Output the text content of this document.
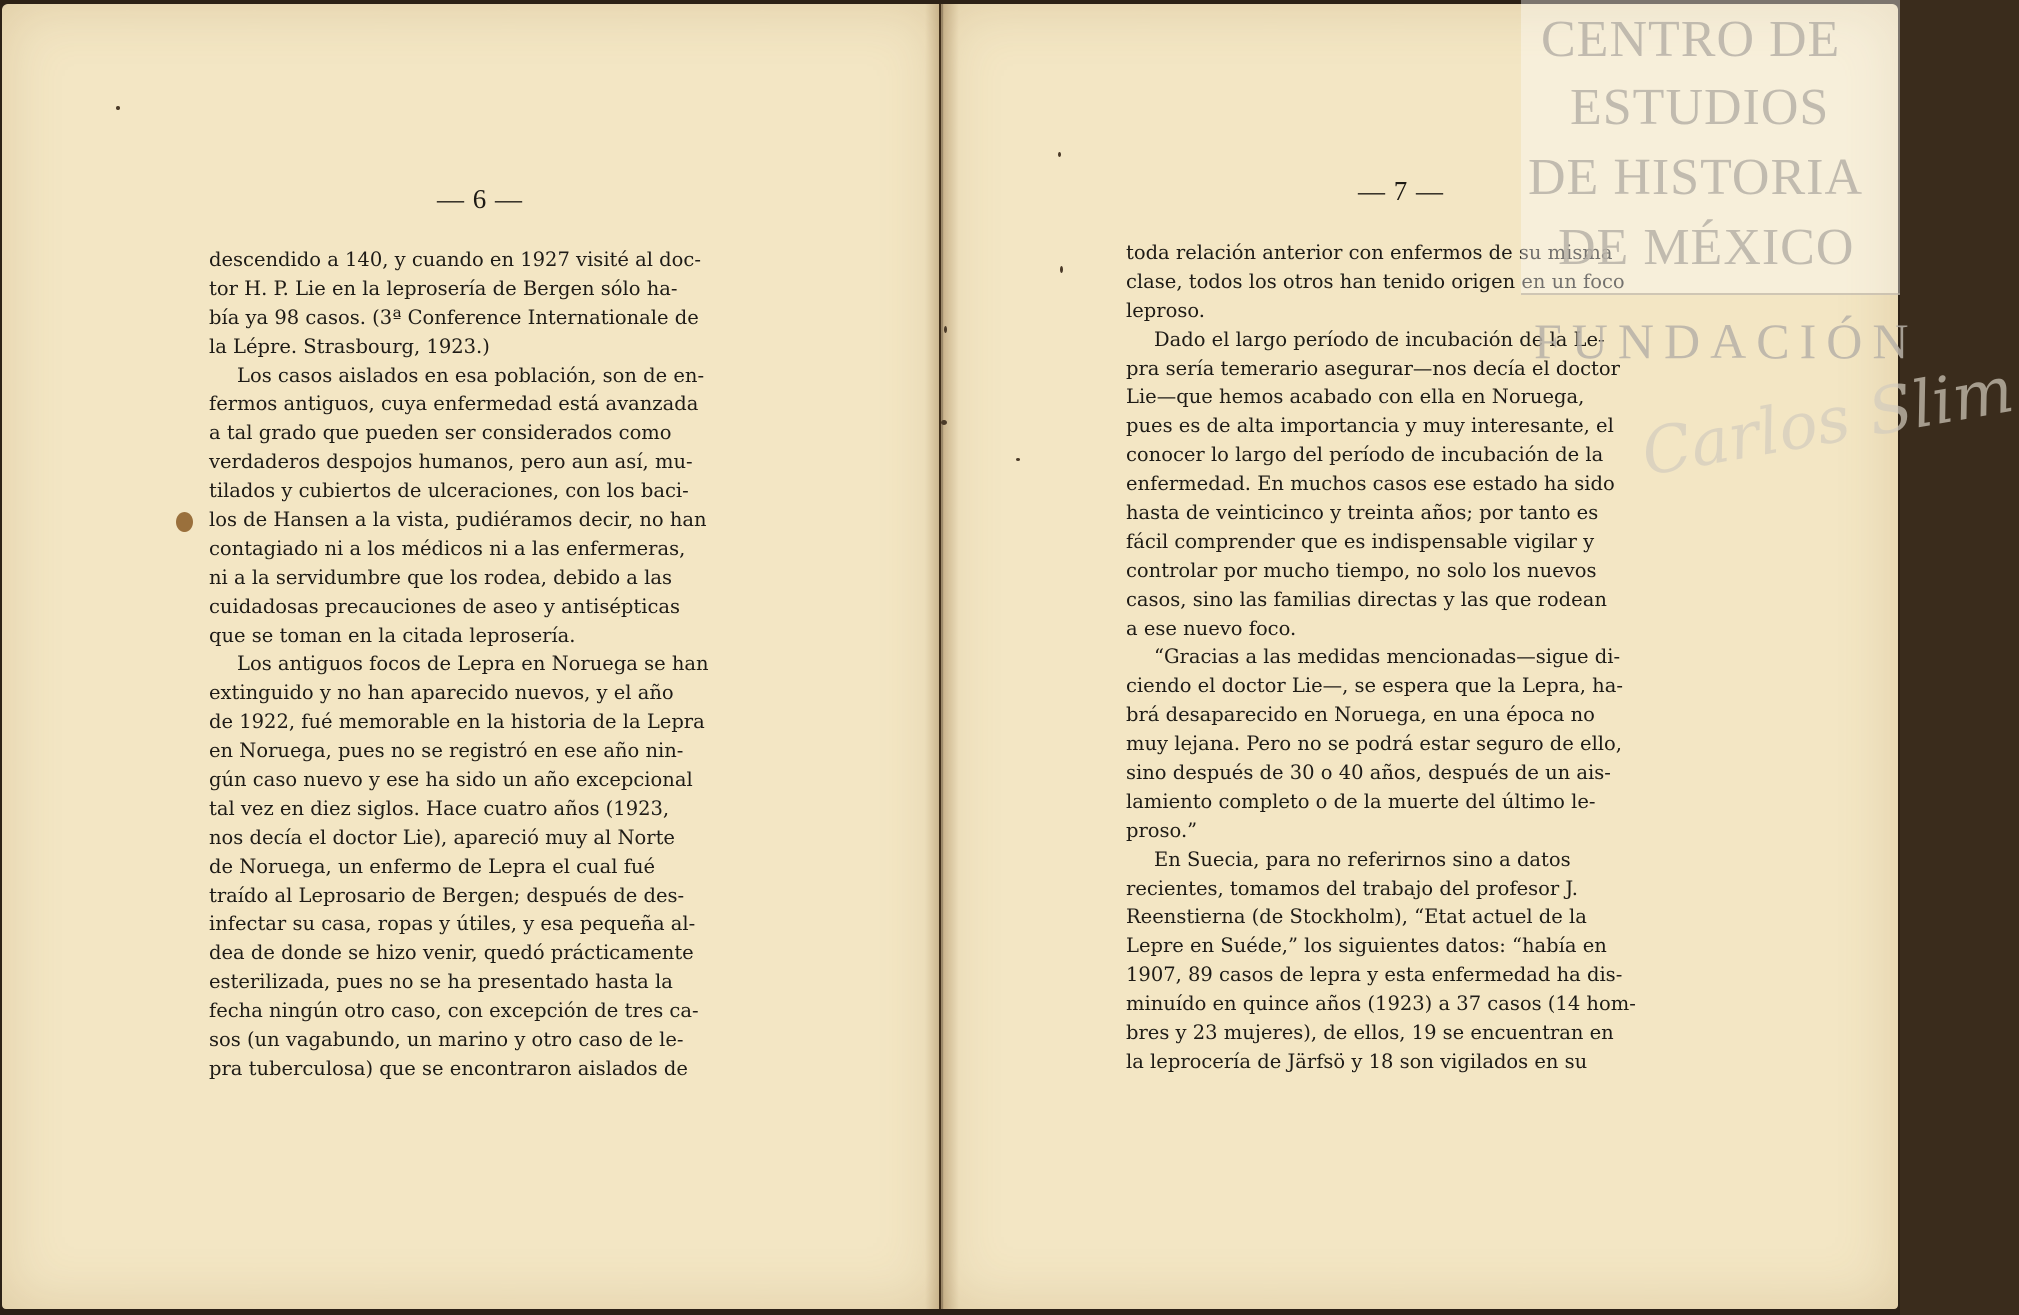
— 6 —	— 7 —
descendido a 140, y cuando en 1927 visité al doc-
tor H. P. Lie en la leprosería de Bergen sólo ha-
bía ya 98 casos. (3ª Conference Internationale de
la Lépre. Strasbourg, 1923.)
Los casos aislados en esa población, son de en-
fermos antiguos, cuya enfermedad está avanzada
a tal grado que pueden ser considerados como
verdaderos despojos humanos, pero aun así, mu-
tilados y cubiertos de ulceraciones, con los baci-
los de Hansen a la vista, pudiéramos decir, no han
contagiado ni a los médicos ni a las enfermeras,
ni a la servidumbre que los rodea, debido a las
cuidadosas precauciones de aseo y antisépticas
que se toman en la citada leprosería.
Los antiguos focos de Lepra en Noruega se han
extinguido y no han aparecido nuevos, y el año
de 1922, fué memorable en la historia de la Lepra
en Noruega, pues no se registró en ese año nin-
gún caso nuevo y ese ha sido un año excepcional
tal vez en diez siglos. Hace cuatro años (1923,
nos decía el doctor Lie), apareció muy al Norte
de Noruega, un enfermo de Lepra el cual fué
traído al Leprosario de Bergen; después de des-
infectar su casa, ropas y útiles, y esa pequeña al-
dea de donde se hizo venir, quedó prácticamente
esterilizada, pues no se ha presentado hasta la
fecha ningún otro caso, con excepción de tres ca-
sos (un vagabundo, un marino y otro caso de le-
pra tuberculosa) que se encontraron aislados de
toda relación anterior con enfermos de su misma
clase, todos los otros han tenido origen en un foco
leproso.
Dado el largo período de incubación de la Le-
pra sería temerario asegurar—nos decía el doctor
Lie—que hemos acabado con ella en Noruega,
pues es de alta importancia y muy interesante, el
conocer lo largo del período de incubación de la
enfermedad. En muchos casos ese estado ha sido
hasta de veinticinco y treinta años; por tanto es
fácil comprender que es indispensable vigilar y
controlar por mucho tiempo, no solo los nuevos
casos, sino las familias directas y las que rodean
a ese nuevo foco.
“Gracias a las medidas mencionadas—sigue di-
ciendo el doctor Lie—, se espera que la Lepra, ha-
brá desaparecido en Noruega, en una época no
muy lejana. Pero no se podrá estar seguro de ello,
sino después de 30 o 40 años, después de un ais-
lamiento completo o de la muerte del último le-
proso.”
En Suecia, para no referirnos sino a datos
recientes, tomamos del trabajo del profesor J.
Reenstierna (de Stockholm), “Etat actuel de la
Lepre en Suéde,” los siguientes datos: “había en
1907, 89 casos de lepra y esta enfermedad ha dis-
minuído en quince años (1923) a 37 casos (14 hom-
bres y 23 mujeres), de ellos, 19 se encuentran en
la leprocería de Järfsö y 18 son vigilados en su
CENTRO DE
ESTUDIOS
DE HISTORIA
DE MÉXICO
FUNDACIÓN
Carlos Slim
